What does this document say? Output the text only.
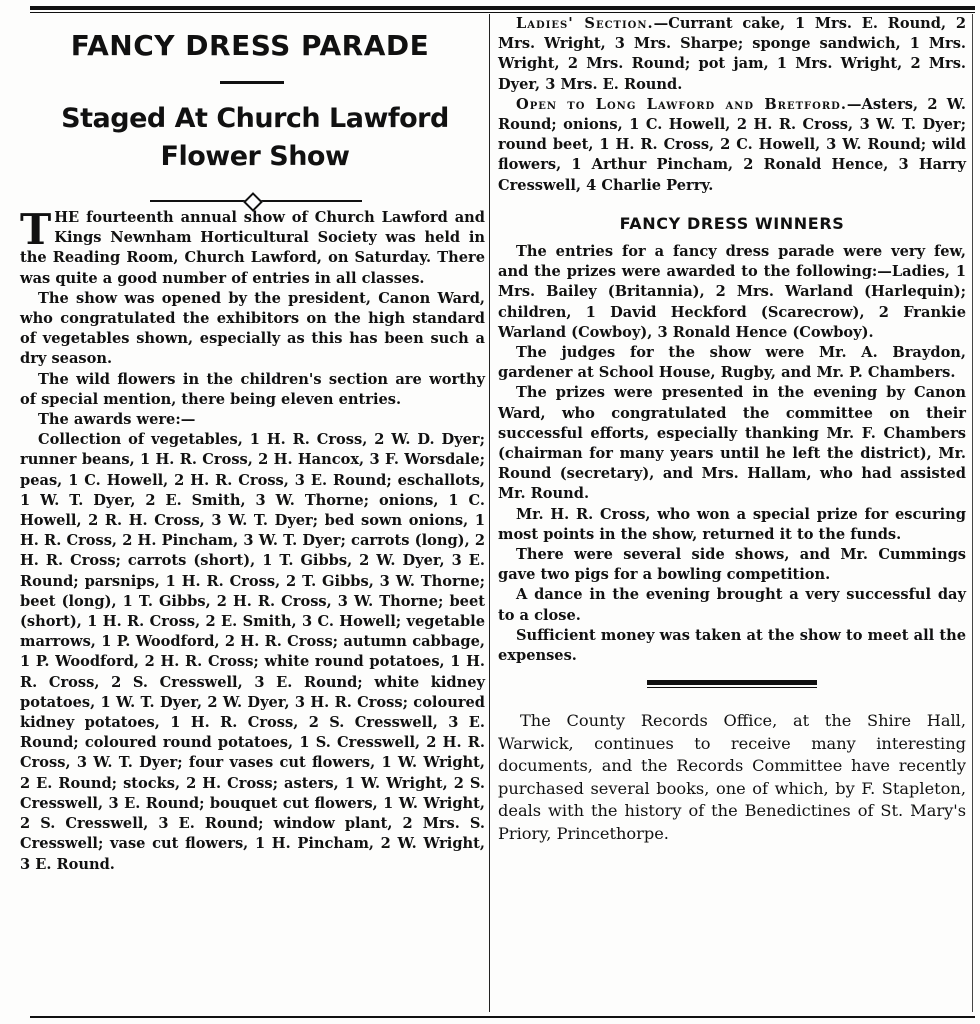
FANCY DRESS PARADE
Staged At Church Lawford
Flower Show

THE fourteenth annual show of Church Lawford and Kings Newnham Horticultural Society was held in the Reading Room, Church Lawford, on Saturday. There was quite a good number of entries in all classes.

The show was opened by the president, Canon Ward, who congratulated the exhibitors on the high standard of vegetables shown, especially as this has been such a dry season.

The wild flowers in the children's section are worthy of special mention, there being eleven entries.

The awards were:—

Collection of vegetables, 1 H. R. Cross, 2 W. D. Dyer; runner beans, 1 H. R. Cross, 2 H. Hancox, 3 F. Worsdale; peas, 1 C. Howell, 2 H. R. Cross, 3 E. Round; eschallots, 1 W. T. Dyer, 2 E. Smith, 3 W. Thorne; onions, 1 C. Howell, 2 R. H. Cross, 3 W. T. Dyer; bed sown onions, 1 H. R. Cross, 2 H. Pincham, 3 W. T. Dyer; carrots (long), 2 H. R. Cross; carrots (short), 1 T. Gibbs, 2 W. Dyer, 3 E. Round; parsnips, 1 H. R. Cross, 2 T. Gibbs, 3 W. Thorne; beet (long), 1 T. Gibbs, 2 H. R. Cross, 3 W. Thorne; beet (short), 1 H. R. Cross, 2 E. Smith, 3 C. Howell; vegetable marrows, 1 P. Woodford, 2 H. R. Cross; autumn cabbage, 1 P. Woodford, 2 H. R. Cross; white round potatoes, 1 H. R. Cross, 2 S. Cresswell, 3 E. Round; white kidney potatoes, 1 W. T. Dyer, 2 W. Dyer, 3 H. R. Cross; coloured kidney potatoes, 1 H. R. Cross, 2 S. Cresswell, 3 E. Round; coloured round potatoes, 1 S. Cresswell, 2 H. R. Cross, 3 W. T. Dyer; four vases cut flowers, 1 W. Wright, 2 E. Round; stocks, 2 H. Cross; asters, 1 W. Wright, 2 S. Cresswell, 3 E. Round; bouquet cut flowers, 1 W. Wright, 2 S. Cresswell, 3 E. Round; window plant, 2 Mrs. S. Cresswell; vase cut flowers, 1 H. Pincham, 2 W. Wright, 3 E. Round.

Ladies' Section.—Currant cake, 1 Mrs. E. Round, 2 Mrs. Wright, 3 Mrs. Sharpe; sponge sandwich, 1 Mrs. Wright, 2 Mrs. Round; pot jam, 1 Mrs. Wright, 2 Mrs. Dyer, 3 Mrs. E. Round.

Open to Long Lawford and Bretford.—Asters, 2 W. Round; onions, 1 C. Howell, 2 H. R. Cross, 3 W. T. Dyer; round beet, 1 H. R. Cross, 2 C. Howell, 3 W. Round; wild flowers, 1 Arthur Pincham, 2 Ronald Hence, 3 Harry Cresswell, 4 Charlie Perry.

FANCY DRESS WINNERS

The entries for a fancy dress parade were very few, and the prizes were awarded to the following:—Ladies, 1 Mrs. Bailey (Britannia), 2 Mrs. Warland (Harlequin); children, 1 David Heckford (Scarecrow), 2 Frankie Warland (Cowboy), 3 Ronald Hence (Cowboy).

The judges for the show were Mr. A. Braydon, gardener at School House, Rugby, and Mr. P. Chambers.

The prizes were presented in the evening by Canon Ward, who congratulated the committee on their successful efforts, especially thanking Mr. F. Chambers (chairman for many years until he left the district), Mr. Round (secretary), and Mrs. Hallam, who had assisted Mr. Round.

Mr. H. R. Cross, who won a special prize for escuring most points in the show, returned it to the funds.

There were several side shows, and Mr. Cummings gave two pigs for a bowling competition.

A dance in the evening brought a very successful day to a close.

Sufficient money was taken at the show to meet all the expenses.

The County Records Office, at the Shire Hall, Warwick, continues to receive many interesting documents, and the Records Committee have recently purchased several books, one of which, by F. Stapleton, deals with the history of the Benedictines of St. Mary's Priory, Princethorpe.
